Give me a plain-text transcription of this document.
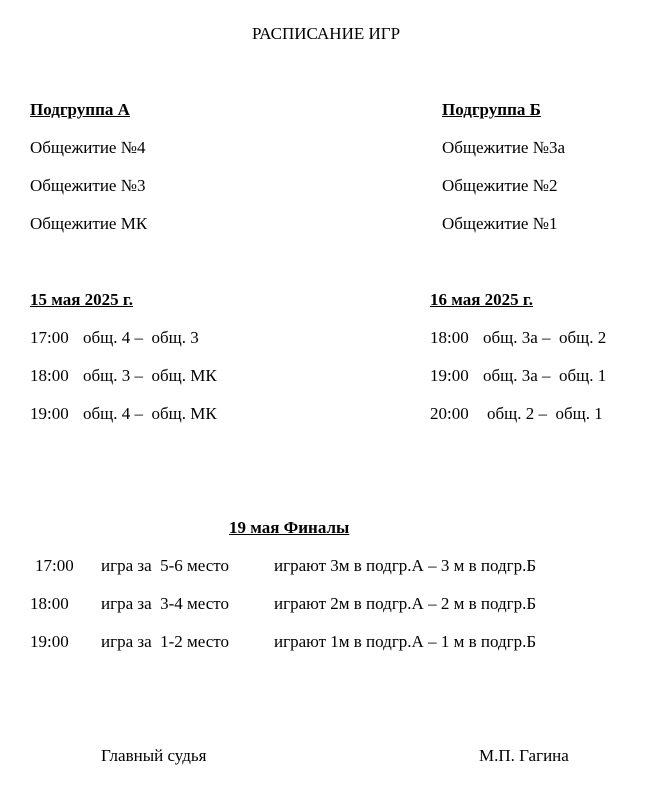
РАСПИСАНИЕ ИГР
Подгруппа А
Общежитие №4
Общежитие №3
Общежитие МК
Подгруппа Б
Общежитие №3а
Общежитие №2
Общежитие №1
15 мая 2025 г.
17:00 общ. 4 –  общ. 3
18:00 общ. 3 –  общ. МК
19:00 общ. 4 –  общ. МК
16 мая 2025 г.
18:00 общ. 3а –  общ. 2
19:00 общ. 3а –  общ. 1
20:00 общ. 2 –  общ. 1
19 мая Финалы
17:00 игра за  5-6 место	играют 3м в подгр.А – 3 м в подгр.Б
18:00 игра за  3-4 место	играют 2м в подгр.А – 2 м в подгр.Б
19:00 игра за  1-2 место	играют 1м в подгр.А – 1 м в подгр.Б
Главный судья	М.П. Гагина
